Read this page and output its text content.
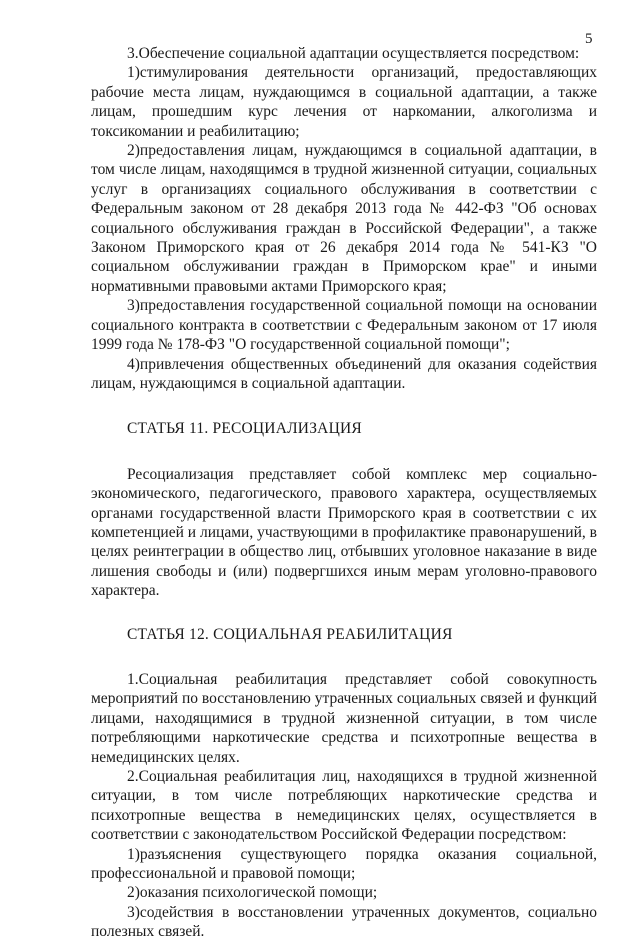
5

3.Обеспечение социальной адаптации осуществляется посредством:

1)стимулирования деятельности организаций, предоставляющих рабочие места лицам, нуждающимся в социальной адаптации, а также лицам, прошедшим курс лечения от наркомании, алкоголизма и токсикомании и реабилитацию;

2)предоставления лицам, нуждающимся в социальной адаптации, в том числе лицам, находящимся в трудной жизненной ситуации, социальных услуг в организациях социального обслуживания в соответствии с Федеральным законом от 28 декабря 2013 года № 442-ФЗ "Об основах социального обслуживания граждан в Российской Федерации", а также Законом Приморского края от 26 декабря 2014 года № 541-КЗ "О социальном обслуживании граждан в Приморском крае" и иными нормативными правовыми актами Приморского края;

3)предоставления государственной социальной помощи на основании социального контракта в соответствии с Федеральным законом от 17 июля 1999 года № 178-ФЗ "О государственной социальной помощи";

4)привлечения общественных объединений для оказания содействия лицам, нуждающимся в социальной адаптации.

СТАТЬЯ 11. РЕСОЦИАЛИЗАЦИЯ

Ресоциализация представляет собой комплекс мер социально-экономического, педагогического, правового характера, осуществляемых органами государственной власти Приморского края в соответствии с их компетенцией и лицами, участвующими в профилактике правонарушений, в целях реинтеграции в общество лиц, отбывших уголовное наказание в виде лишения свободы и (или) подвергшихся иным мерам уголовно-правового характера.

СТАТЬЯ 12. СОЦИАЛЬНАЯ РЕАБИЛИТАЦИЯ

1.Социальная реабилитация представляет собой совокупность мероприятий по восстановлению утраченных социальных связей и функций лицами, находящимися в трудной жизненной ситуации, в том числе потребляющими наркотические средства и психотропные вещества в немедицинских целях.

2.Социальная реабилитация лиц, находящихся в трудной жизненной ситуации, в том числе потребляющих наркотические средства и психотропные вещества в немедицинских целях, осуществляется в соответствии с законодательством Российской Федерации посредством:

1)разъяснения существующего порядка оказания социальной, профессиональной и правовой помощи;

2)оказания психологической помощи;

3)содействия в восстановлении утраченных документов, социально полезных связей.
